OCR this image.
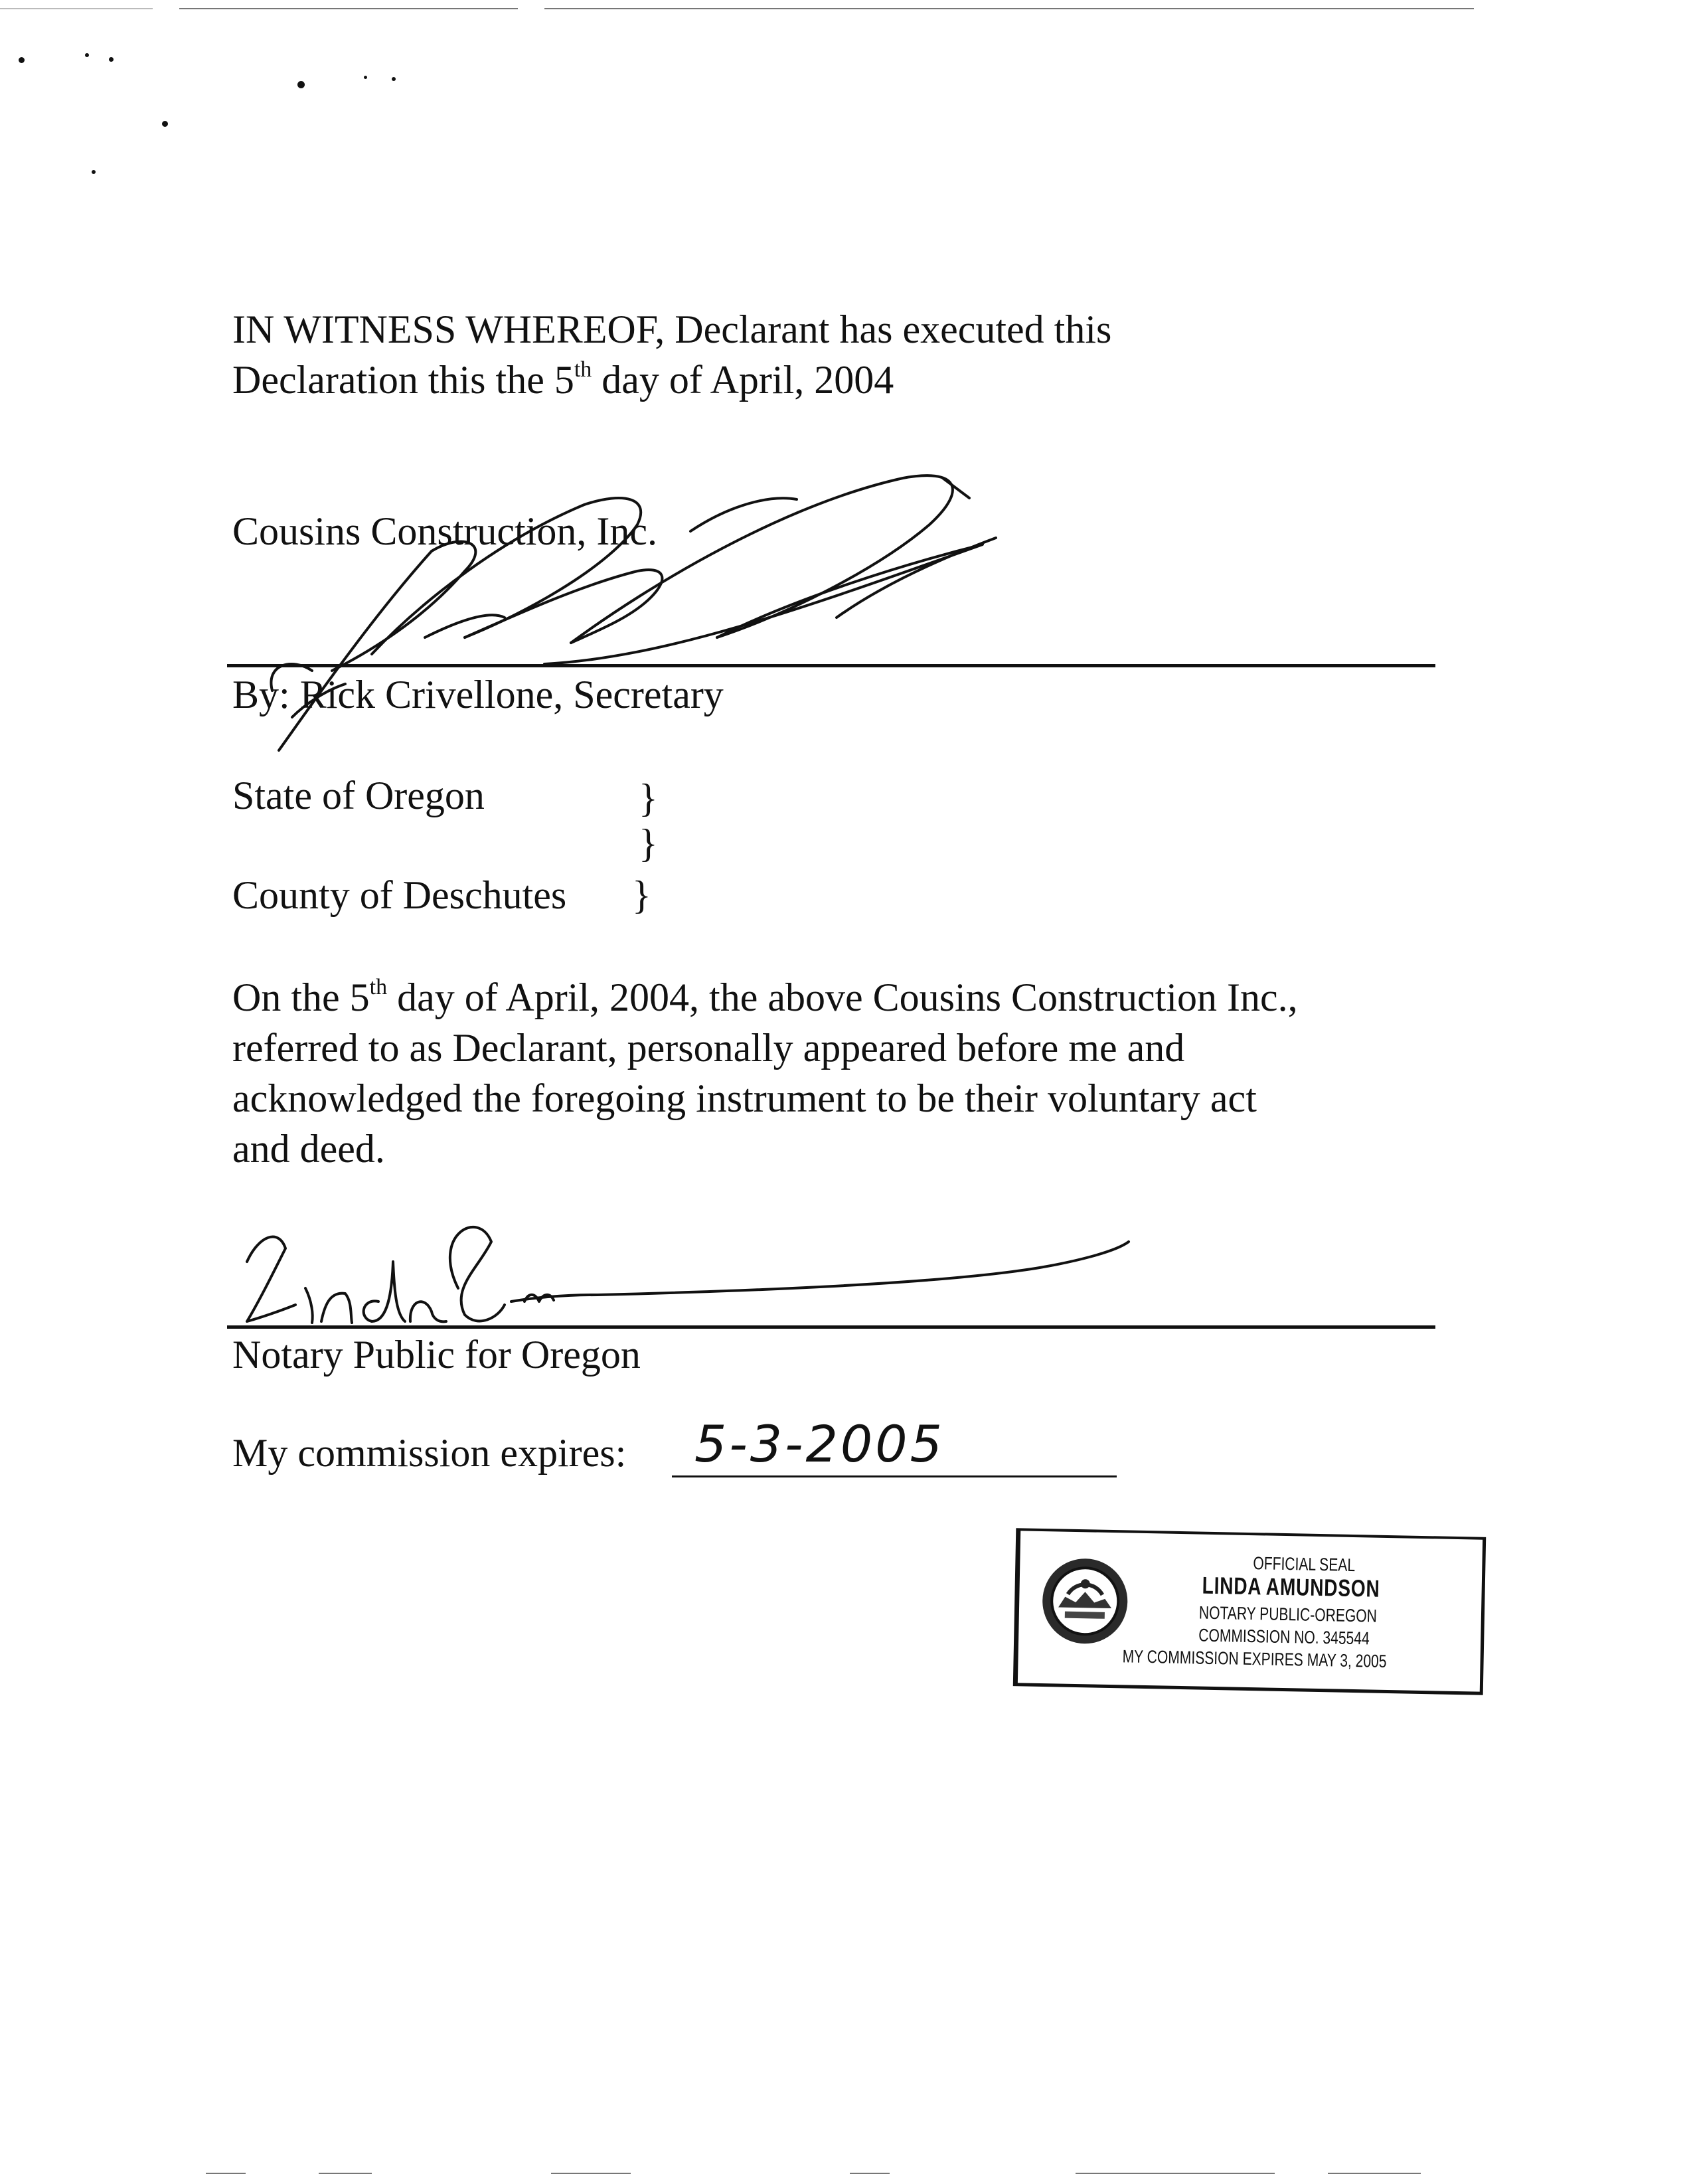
IN WITNESS WHEREOF, Declarant has executed this
Declaration this the 5th day of April, 2004
Cousins Construction, Inc.
By: Rick Crivellone, Secretary
State of Oregon	}
}
County of Deschutes }
On the 5th day of April, 2004, the above Cousins Construction Inc.,
referred to as Declarant, personally appeared before me and
acknowledged the foregoing instrument to be their voluntary act
and deed.
Notary Public for Oregon
My commission expires: 5-3-2005
OFFICIAL SEAL
LINDA AMUNDSON
NOTARY PUBLIC-OREGON
COMMISSION NO. 345544
MY COMMISSION EXPIRES MAY 3, 2005
